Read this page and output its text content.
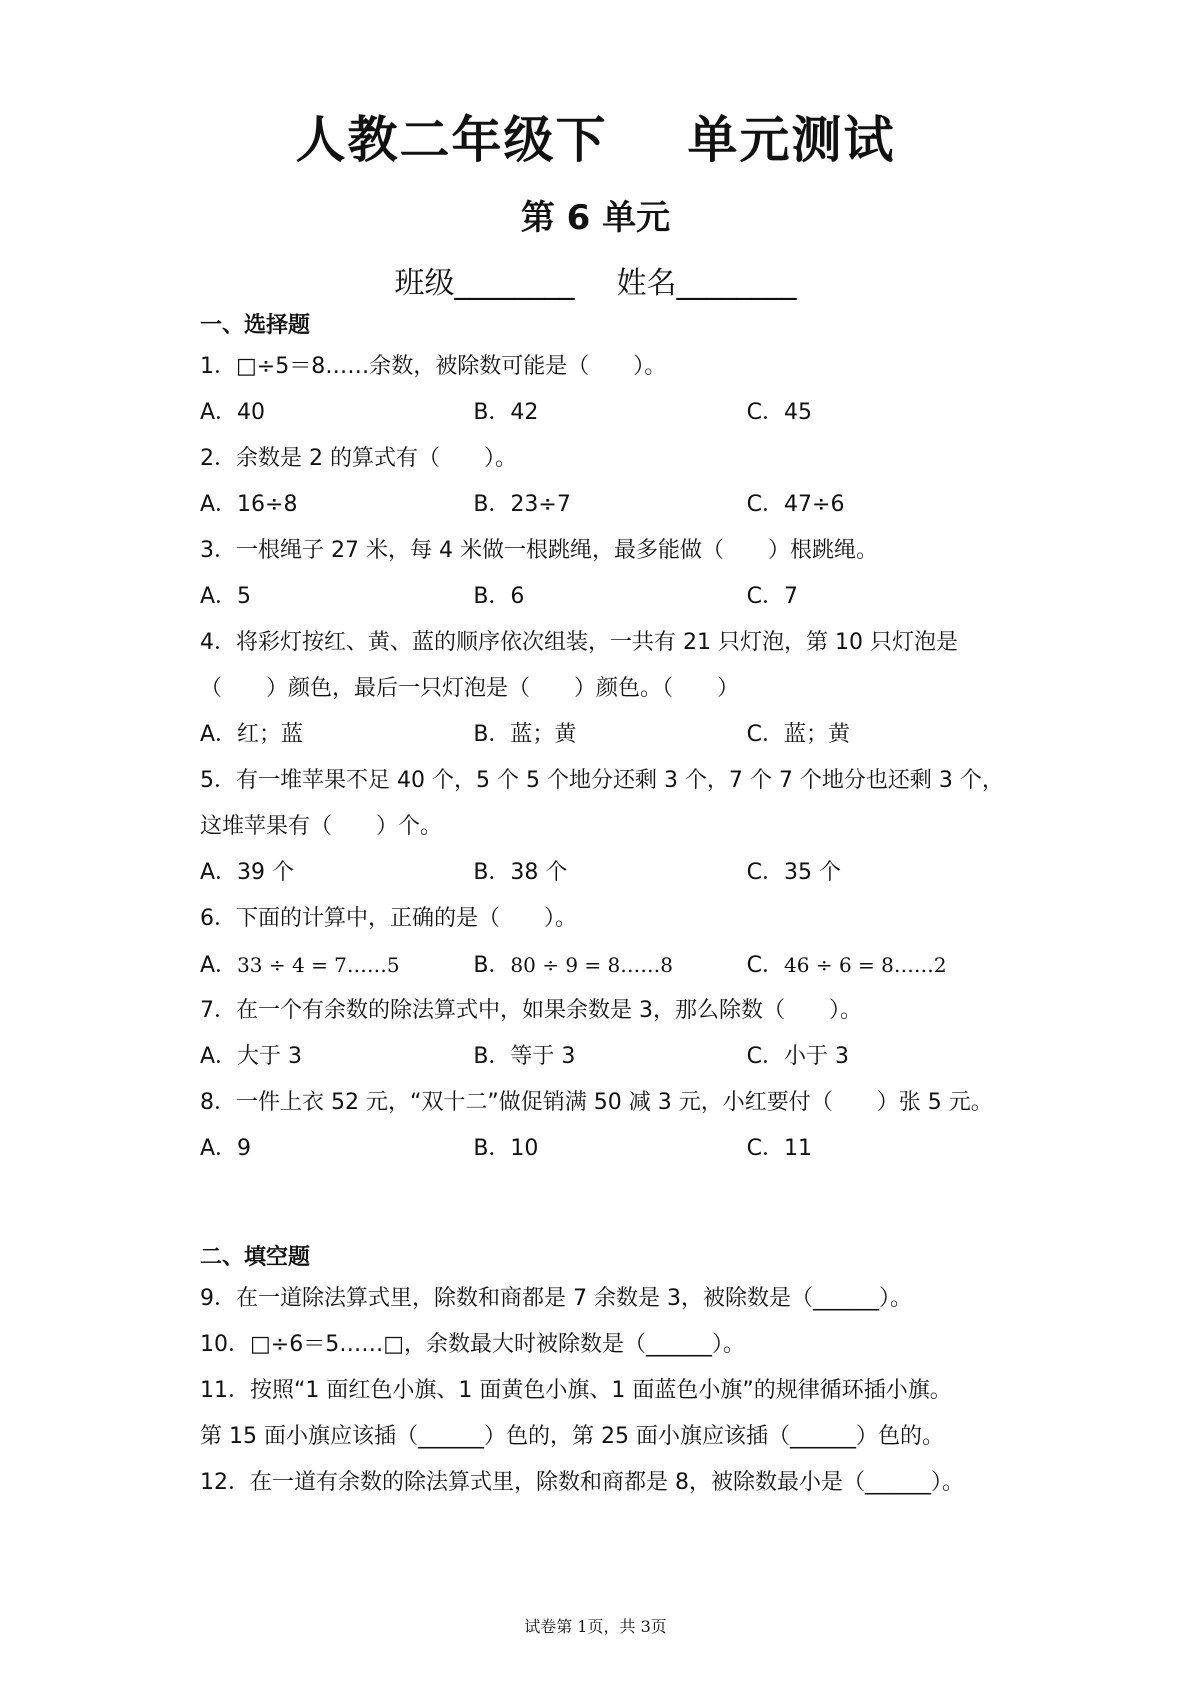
人教二年级下 单元测试
第 6 单元
班级________ 姓名________
一、选择题
1．□÷5＝8……余数，被除数可能是（　　）。
A．40	B．42	C．45
2．余数是 2 的算式有（　　）。
A．16÷8	B．23÷7	C．47÷6
3．一根绳子 27 米，每 4 米做一根跳绳，最多能做（　　）根跳绳。
A．5	B．6	C．7
4．将彩灯按红、黄、蓝的顺序依次组装，一共有 21 只灯泡，第 10 只灯泡是（　　）颜色，最后一只灯泡是（　　）颜色。（　　）
A．红；蓝	B．蓝；黄	C．蓝；黄
5．有一堆苹果不足 40 个，5 个 5 个地分还剩 3 个，7 个 7 个地分也还剩 3 个，这堆苹果有（　　）个。
A．39 个	B．38 个	C．35 个
6．下面的计算中，正确的是（　　）。
A．33 ÷ 4 = 7……5	B．80 ÷ 9 = 8……8	C．46 ÷ 6 = 8……2
7．在一个有余数的除法算式中，如果余数是 3，那么除数（　　）。
A．大于 3	B．等于 3	C．小于 3
8．一件上衣 52 元，“双十二”做促销满 50 减 3 元，小红要付（　　）张 5 元。
A．9	B．10	C．11
二、填空题
9．在一道除法算式里，除数和商都是 7 余数是 3，被除数是（______）。
10．□÷6＝5……□，余数最大时被除数是（______）。
11．按照“1 面红色小旗、1 面黄色小旗、1 面蓝色小旗”的规律循环插小旗。
第 15 面小旗应该插（______）色的，第 25 面小旗应该插（______）色的。
12．在一道有余数的除法算式里，除数和商都是 8，被除数最小是（______）。
试卷第 1页，共 3页
